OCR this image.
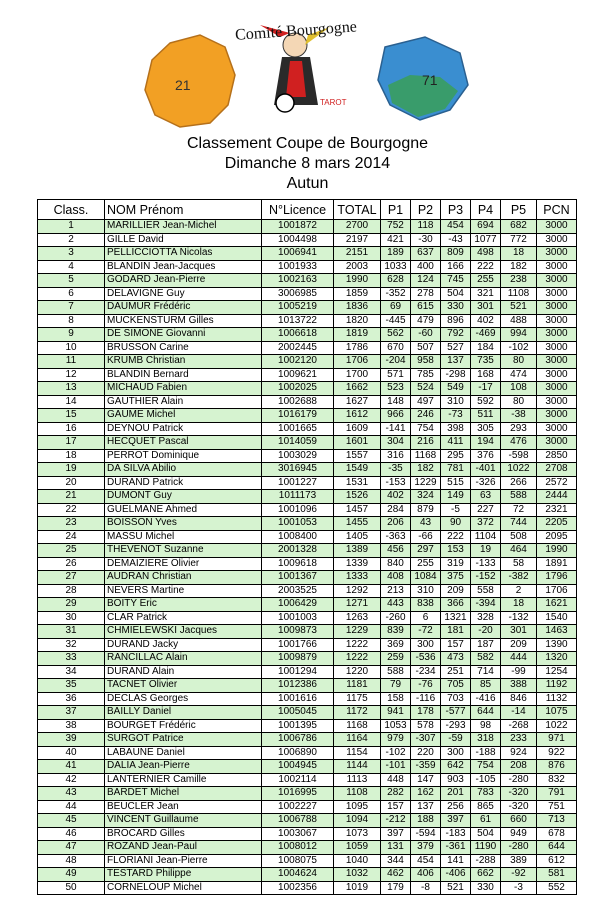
TAROT
Comité Bourgogne
21	71
Classement Coupe de Bourgogne
Dimanche 8 mars 2014
Autun
Class.	NOM Prénom	N°Licence	TOTAL	P1	P2	P3	P4	P5	PCN
1	MARILLIER Jean-Michel	1001872	2700	752	118	454	694	682	3000
2	GILLE David	1004498	2197	421	-30	-43	1077	772	3000
3	PELLICCIOTTA Nicolas	1006941	2151	189	637	809	498	18	3000
4	BLANDIN Jean-Jacques	1001933	2003	1033	400	166	222	182	3000
5	GODARD Jean-Pierre	1002163	1990	628	124	745	255	238	3000
6	DELAVIGNE Guy	3006985	1859	-352	278	504	321	1108	3000
7	DAUMUR Frédéric	1005219	1836	69	615	330	301	521	3000
8	MUCKENSTURM Gilles	1013722	1820	-445	479	896	402	488	3000
9	DE SIMONE Giovanni	1006618	1819	562	-60	792	-469	994	3000
10	BRUSSON Carine	2002445	1786	670	507	527	184	-102	3000
11	KRUMB Christian	1002120	1706	-204	958	137	735	80	3000
12	BLANDIN Bernard	1009621	1700	571	785	-298	168	474	3000
13	MICHAUD Fabien	1002025	1662	523	524	549	-17	108	3000
14	GAUTHIER Alain	1002688	1627	148	497	310	592	80	3000
15	GAUME Michel	1016179	1612	966	246	-73	511	-38	3000
16	DEYNOU Patrick	1001665	1609	-141	754	398	305	293	3000
17	HECQUET Pascal	1014059	1601	304	216	411	194	476	3000
18	PERROT Dominique	1003029	1557	316	1168	295	376	-598	2850
19	DA SILVA Abilio	3016945	1549	-35	182	781	-401	1022	2708
20	DURAND Patrick	1001227	1531	-153	1229	515	-326	266	2572
21	DUMONT Guy	1011173	1526	402	324	149	63	588	2444
22	GUELMANE Ahmed	1001096	1457	284	879	-5	227	72	2321
23	BOISSON Yves	1001053	1455	206	43	90	372	744	2205
24	MASSU Michel	1008400	1405	-363	-66	222	1104	508	2095
25	THEVENOT Suzanne	2001328	1389	456	297	153	19	464	1990
26	DEMAIZIERE Olivier	1009618	1339	840	255	319	-133	58	1891
27	AUDRAN Christian	1001367	1333	408	1084	375	-152	-382	1796
28	NEVERS Martine	2003525	1292	213	310	209	558	2	1706
29	BOITY Eric	1006429	1271	443	838	366	-394	18	1621
30	CLAR Patrick	1001003	1263	-260	6	1321	328	-132	1540
31	CHMIELEWSKI Jacques	1009873	1229	839	-72	181	-20	301	1463
32	DURAND Jacky	1001766	1222	369	300	157	187	209	1390
33	RANCILLAC Alain	1009879	1222	259	-536	473	582	444	1320
34	DURAND Alain	1001294	1220	588	-234	251	714	-99	1254
35	TACNET Olivier	1012386	1181	79	-76	705	85	388	1192
36	DECLAS Georges	1001616	1175	158	-116	703	-416	846	1132
37	BAILLY Daniel	1005045	1172	941	178	-577	644	-14	1075
38	BOURGET Frédéric	1001395	1168	1053	578	-293	98	-268	1022
39	SURGOT Patrice	1006786	1164	979	-307	-59	318	233	971
40	LABAUNE Daniel	1006890	1154	-102	220	300	-188	924	922
41	DALIA Jean-Pierre	1004945	1144	-101	-359	642	754	208	876
42	LANTERNIER Camille	1002114	1113	448	147	903	-105	-280	832
43	BARDET Michel	1016995	1108	282	162	201	783	-320	791
44	BEUCLER Jean	1002227	1095	157	137	256	865	-320	751
45	VINCENT Guillaume	1006788	1094	-212	188	397	61	660	713
46	BROCARD Gilles	1003067	1073	397	-594	-183	504	949	678
47	ROZAND Jean-Paul	1008012	1059	131	379	-361	1190	-280	644
48	FLORIANI Jean-Pierre	1008075	1040	344	454	141	-288	389	612
49	TESTARD Philippe	1004624	1032	462	406	-406	662	-92	581
50	CORNELOUP Michel	1002356	1019	179	-8	521	330	-3	552
